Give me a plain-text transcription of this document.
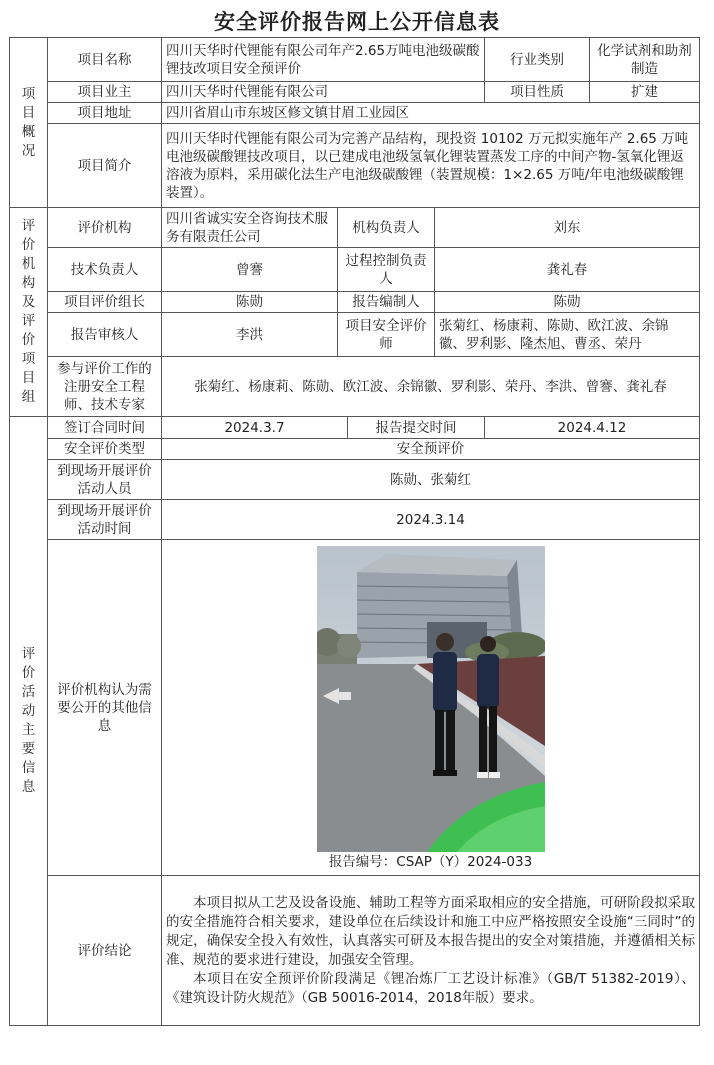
安全评价报告网上公开信息表
项目概况	项目名称	四川天华时代锂能有限公司年产2.65万吨电池级碳酸锂技改项目安全预评价				行业类别	化学试剂和助剂制造
	项目业主	四川天华时代锂能有限公司				项目性质	扩建
	项目地址	四川省眉山市东坡区修文镇甘眉工业园区					
	项目简介	四川天华时代锂能有限公司为完善产品结构，现投资 10102 万元拟实施年产 2.65 万吨电池级碳酸锂技改项目，以已建成电池级氢氧化锂装置蒸发工序的中间产物-氢氧化锂返溶液为原料，采用碳化法生产电池级碳酸锂（装置规模：1×2.65 万吨/年电池级碳酸锂装置）。					

评价机构及评价项目组	评价机构	四川省诚实安全咨询技术服务有限责任公司	机构负责人		刘东		
	技术负责人	曾謇	过程控制负责人		龚礼春		
	项目评价组长	陈勋	报告编制人		陈勋		
	报告审核人	李洪	项目安全评价师		张菊红、杨康莉、陈勋、欧江波、余锦徽、罗利影、隆杰旭、曹丞、荣丹		
	参与评价工作的注册安全工程师、技术专家	张菊红、杨康莉、陈勋、欧江波、余锦徽、罗利影、荣丹、李洪、曾謇、龚礼春					

评价活动主要信息	签订合同时间	2024.3.7		报告提交时间		2024.4.12	
	安全评价类型	安全预评价					
	到现场开展评价活动人员	陈勋、张菊红					
	到现场开展评价活动时间	2024.3.14					
	评价机构认为需要公开的其他信息	报告编号：CSAP（Y）2024-033					

	评价结论	本项目拟从工艺及设备设施、辅助工程等方面采取相应的安全措施，可研阶段拟采取的安全措施符合相关要求，建设单位在后续设计和施工中应严格按照安全设施“三同时”的规定，确保安全投入有效性，认真落实可研及本报告提出的安全对策措施，并遵循相关标准、规范的要求进行建设，加强安全管理。

本项目在安全预评价阶段满足《锂冶炼厂工艺设计标准》（GB/T 51382-2019）、《建筑设计防火规范》（GB 50016-2014，2018年版）要求。					
